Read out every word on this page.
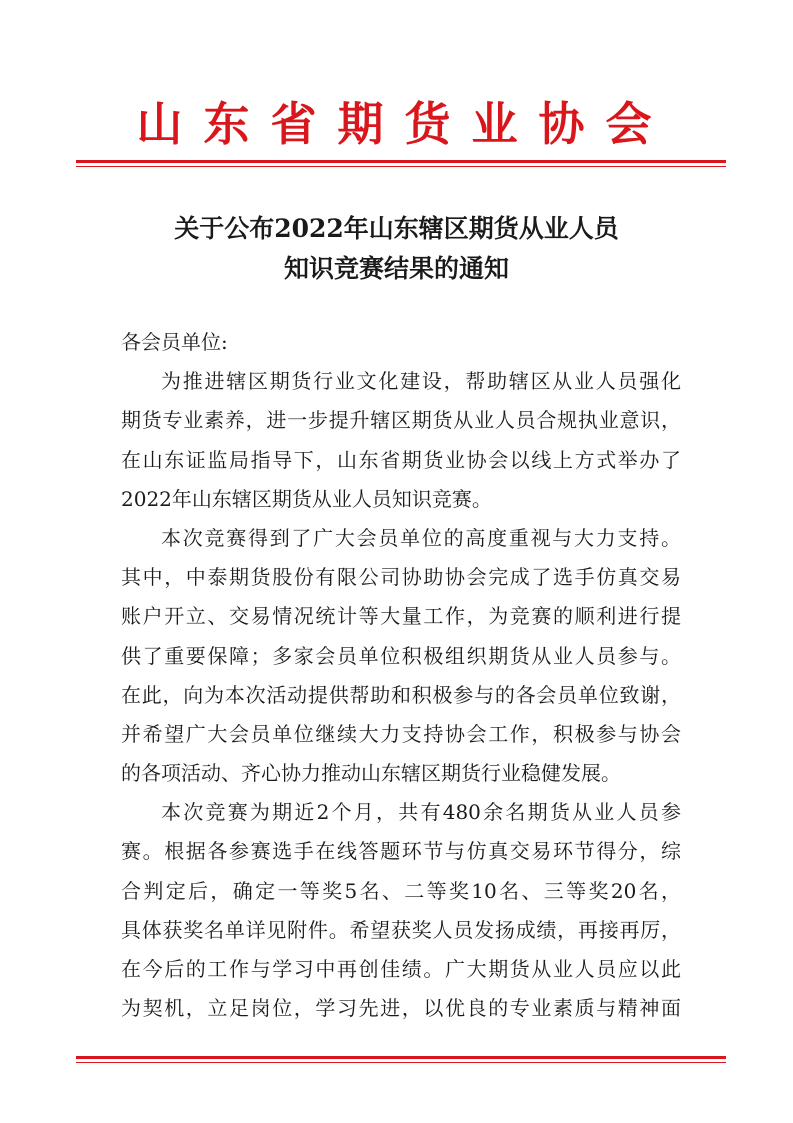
山东省期货业协会
关于公布2022年山东辖区期货从业人员
知识竞赛结果的通知
各会员单位:
为推进辖区期货行业文化建设，帮助辖区从业人员强化
期货专业素养，进一步提升辖区期货从业人员合规执业意识，
在山东证监局指导下，山东省期货业协会以线上方式举办了
2022年山东辖区期货从业人员知识竞赛。
本次竞赛得到了广大会员单位的高度重视与大力支持。
其中，中泰期货股份有限公司协助协会完成了选手仿真交易
账户开立、交易情况统计等大量工作，为竞赛的顺利进行提
供了重要保障；多家会员单位积极组织期货从业人员参与。
在此，向为本次活动提供帮助和积极参与的各会员单位致谢，
并希望广大会员单位继续大力支持协会工作，积极参与协会
的各项活动、齐心协力推动山东辖区期货行业稳健发展。
本次竞赛为期近2个月，共有480余名期货从业人员参
赛。根据各参赛选手在线答题环节与仿真交易环节得分，综
合判定后，确定一等奖5名、二等奖10名、三等奖20名，
具体获奖名单详见附件。希望获奖人员发扬成绩，再接再厉，
在今后的工作与学习中再创佳绩。广大期货从业人员应以此
为契机，立足岗位，学习先进，以优良的专业素质与精神面
